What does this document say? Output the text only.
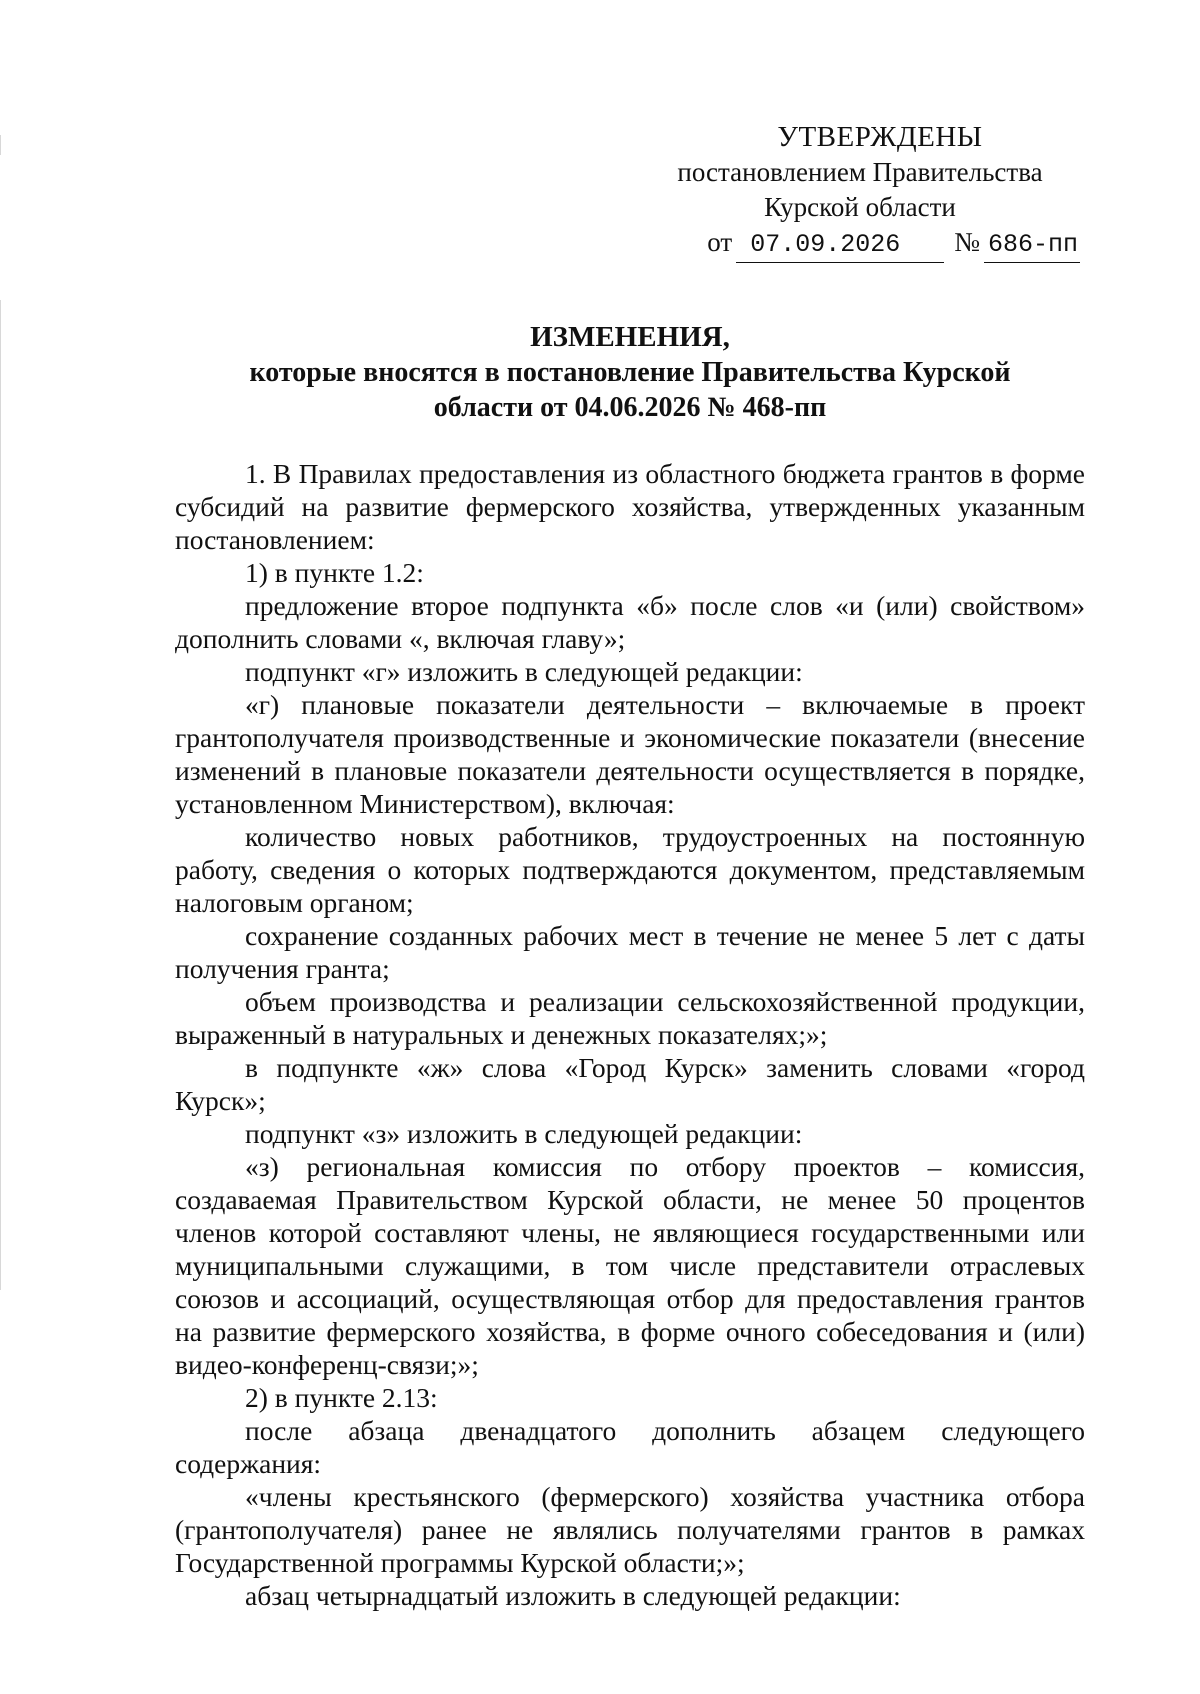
УТВЕРЖДЕНЫ
постановлением Правительства
Курской области
от 07.09.2026	№ 686-пп
ИЗМЕНЕНИЯ,
которые вносятся в постановление Правительства Курской
области от 04.06.2026 № 468-пп

1. В Правилах предоставления из областного бюджета грантов в форме субсидий на развитие фермерского хозяйства, утвержденных указанным постановлением:

1) в пункте 1.2:

предложение второе подпункта «б» после слов «и (или) свойством» дополнить словами «, включая главу»;

подпункт «г» изложить в следующей редакции:

«г) плановые показатели деятельности – включаемые в проект грантополучателя производственные и экономические показатели (внесение изменений в плановые показатели деятельности осуществляется в порядке, установленном Министерством), включая:

количество новых работников, трудоустроенных на постоянную работу, сведения о которых подтверждаются документом, представляемым налоговым органом;

сохранение созданных рабочих мест в течение не менее 5 лет с даты получения гранта;

объем производства и реализации сельскохозяйственной продукции, выраженный в натуральных и денежных показателях;»;

в подпункте «ж» слова «Город Курск» заменить словами «город Курск»;

подпункт «з» изложить в следующей редакции:

«з) региональная комиссия по отбору проектов – комиссия, создаваемая Правительством Курской области, не менее 50 процентов членов которой составляют члены, не являющиеся государственными или муниципальными служащими, в том числе представители отраслевых союзов и ассоциаций, осуществляющая отбор для предоставления грантов на развитие фермерского хозяйства, в форме очного собеседования и (или) видео-конференц-связи;»;

2) в пункте 2.13:

после абзаца двенадцатого дополнить абзацем следующего содержания:

«члены крестьянского (фермерского) хозяйства участника отбора (грантополучателя) ранее не являлись получателями грантов в рамках Государственной программы Курской области;»;

абзац четырнадцатый изложить в следующей редакции:
